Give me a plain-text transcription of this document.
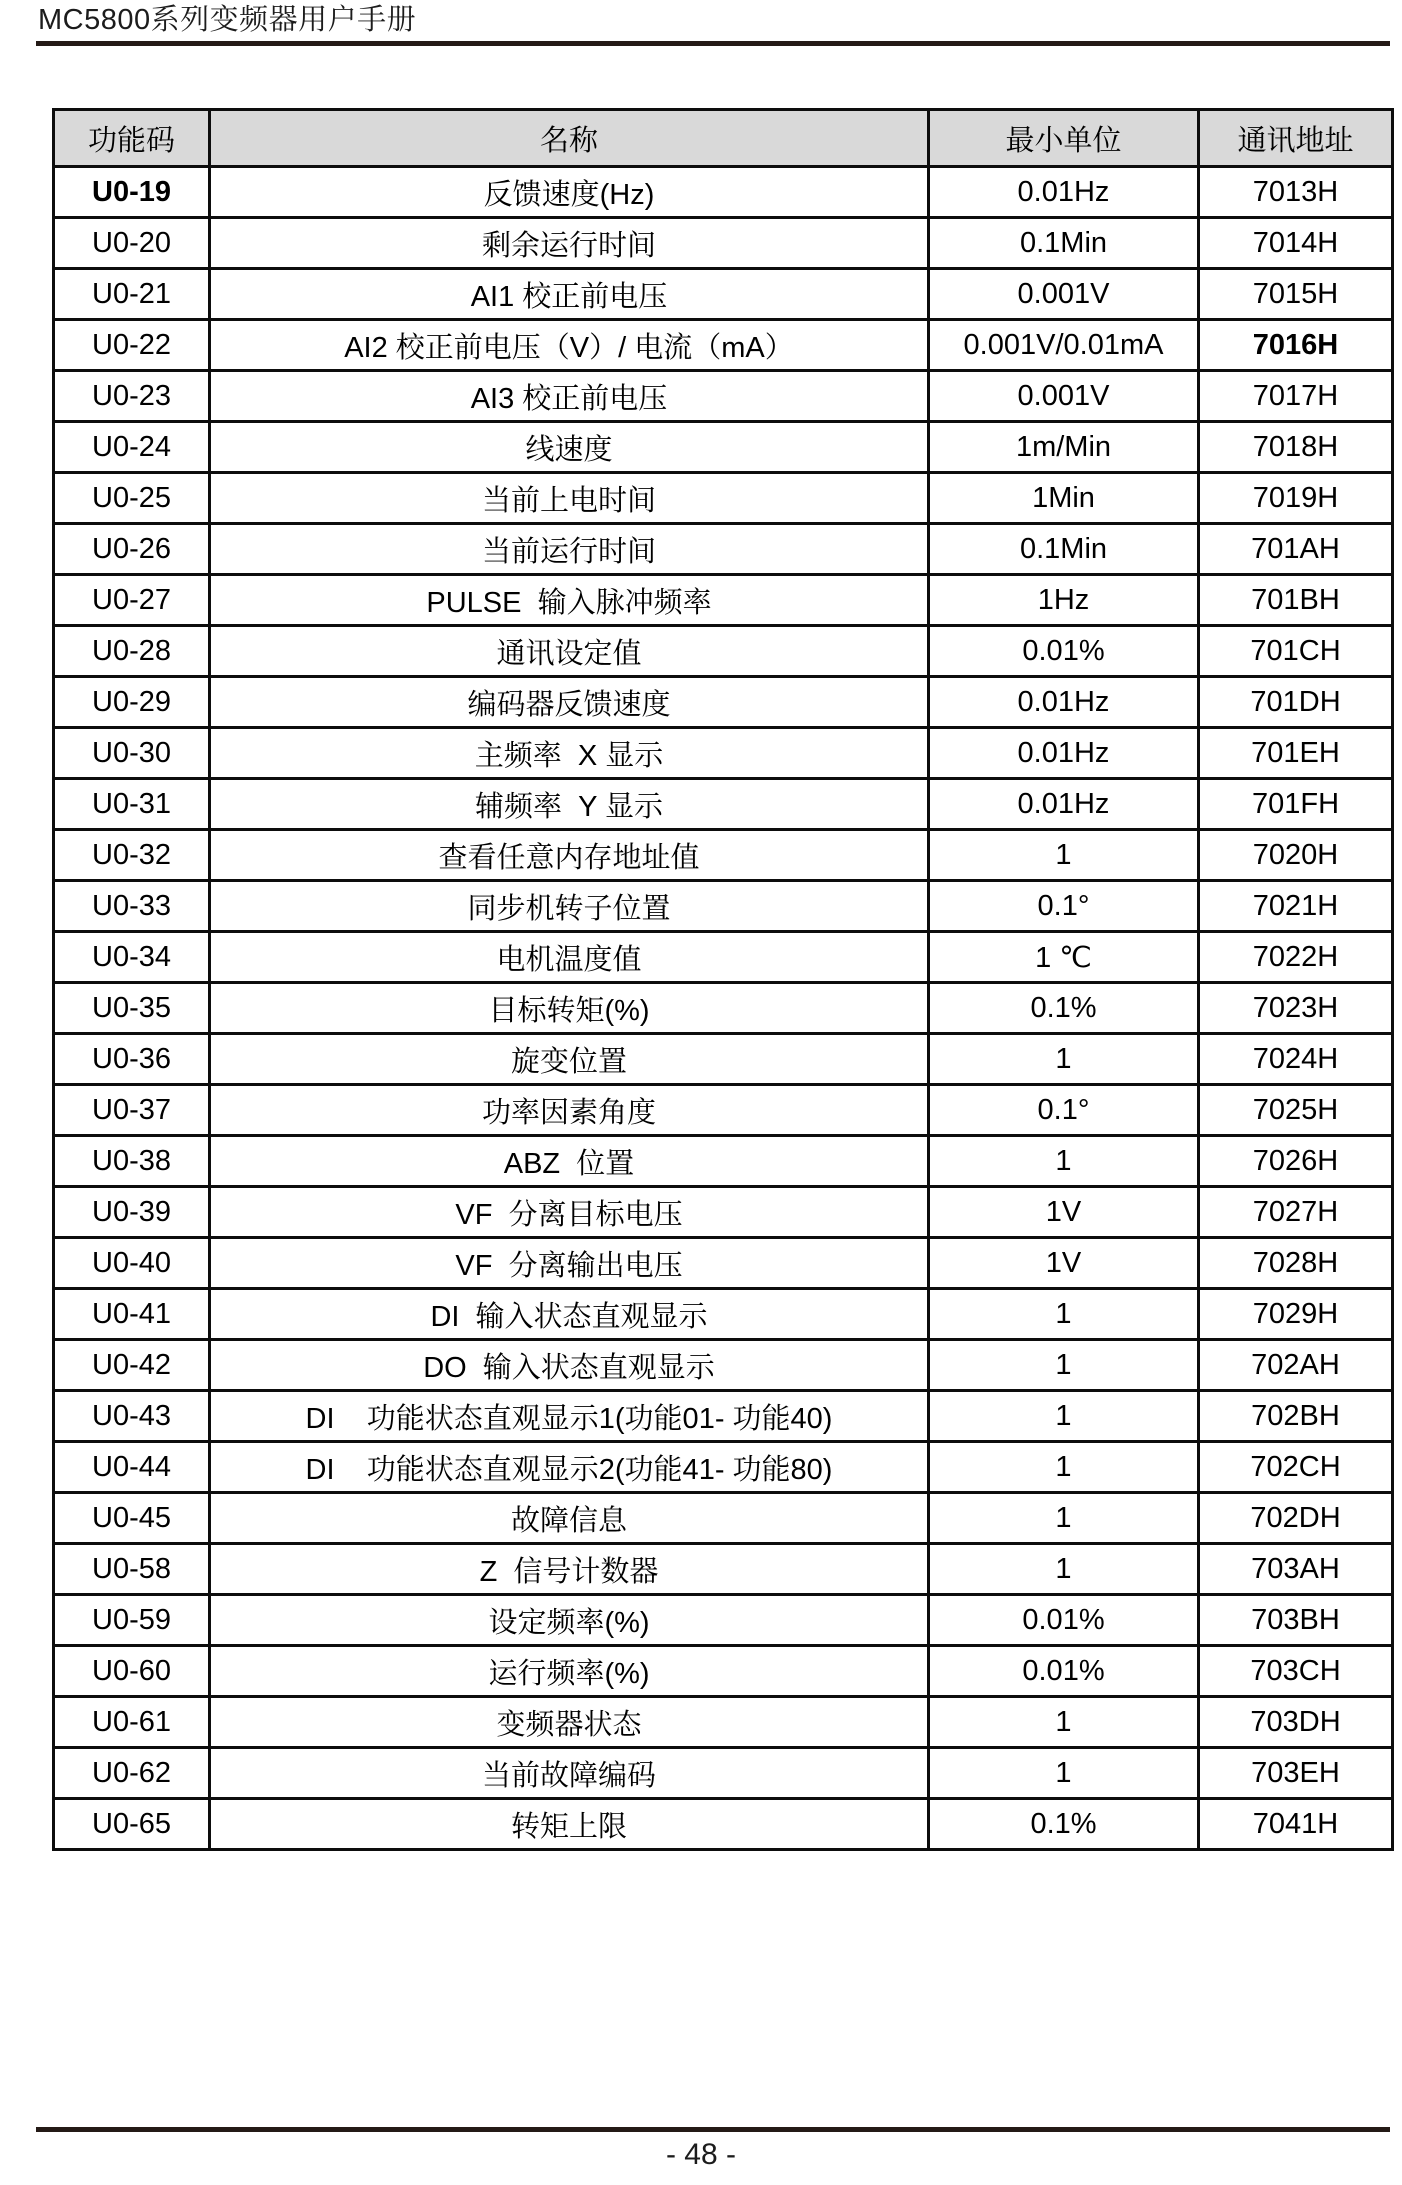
MC5800系列变频器用户手册
功能码	名称	最小单位	通讯地址
U0-19	反馈速度(Hz)	0.01Hz	7013H
U0-20	剩余运行时间	0.1Min	7014H
U0-21	AI1 校正前电压	0.001V	7015H
U0-22	AI2 校正前电压（V）/ 电流（mA）	0.001V/0.01mA	7016H
U0-23	AI3 校正前电压	0.001V	7017H
U0-24	线速度	1m/Min	7018H
U0-25	当前上电时间	1Min	7019H
U0-26	当前运行时间	0.1Min	701AH
U0-27	PULSE  输入脉冲频率	1Hz	701BH
U0-28	通讯设定值	0.01%	701CH
U0-29	编码器反馈速度	0.01Hz	701DH
U0-30	主频率  X 显示	0.01Hz	701EH
U0-31	辅频率  Y 显示	0.01Hz	701FH
U0-32	查看任意内存地址值	1	7020H
U0-33	同步机转子位置	0.1°	7021H
U0-34	电机温度值	1 ℃	7022H
U0-35	目标转矩(%)	0.1%	7023H
U0-36	旋变位置	1	7024H
U0-37	功率因素角度	0.1°	7025H
U0-38	ABZ  位置	1	7026H
U0-39	VF  分离目标电压	1V	7027H
U0-40	VF  分离输出电压	1V	7028H
U0-41	DI  输入状态直观显示	1	7029H
U0-42	DO  输入状态直观显示	1	702AH
U0-43	DI    功能状态直观显示1(功能01- 功能40)	1	702BH
U0-44	DI    功能状态直观显示2(功能41- 功能80)	1	702CH
U0-45	故障信息	1	702DH
U0-58	Z  信号计数器	1	703AH
U0-59	设定频率(%)	0.01%	703BH
U0-60	运行频率(%)	0.01%	703CH
U0-61	变频器状态	1	703DH
U0-62	当前故障编码	1	703EH
U0-65	转矩上限	0.1%	7041H
- 48 -
